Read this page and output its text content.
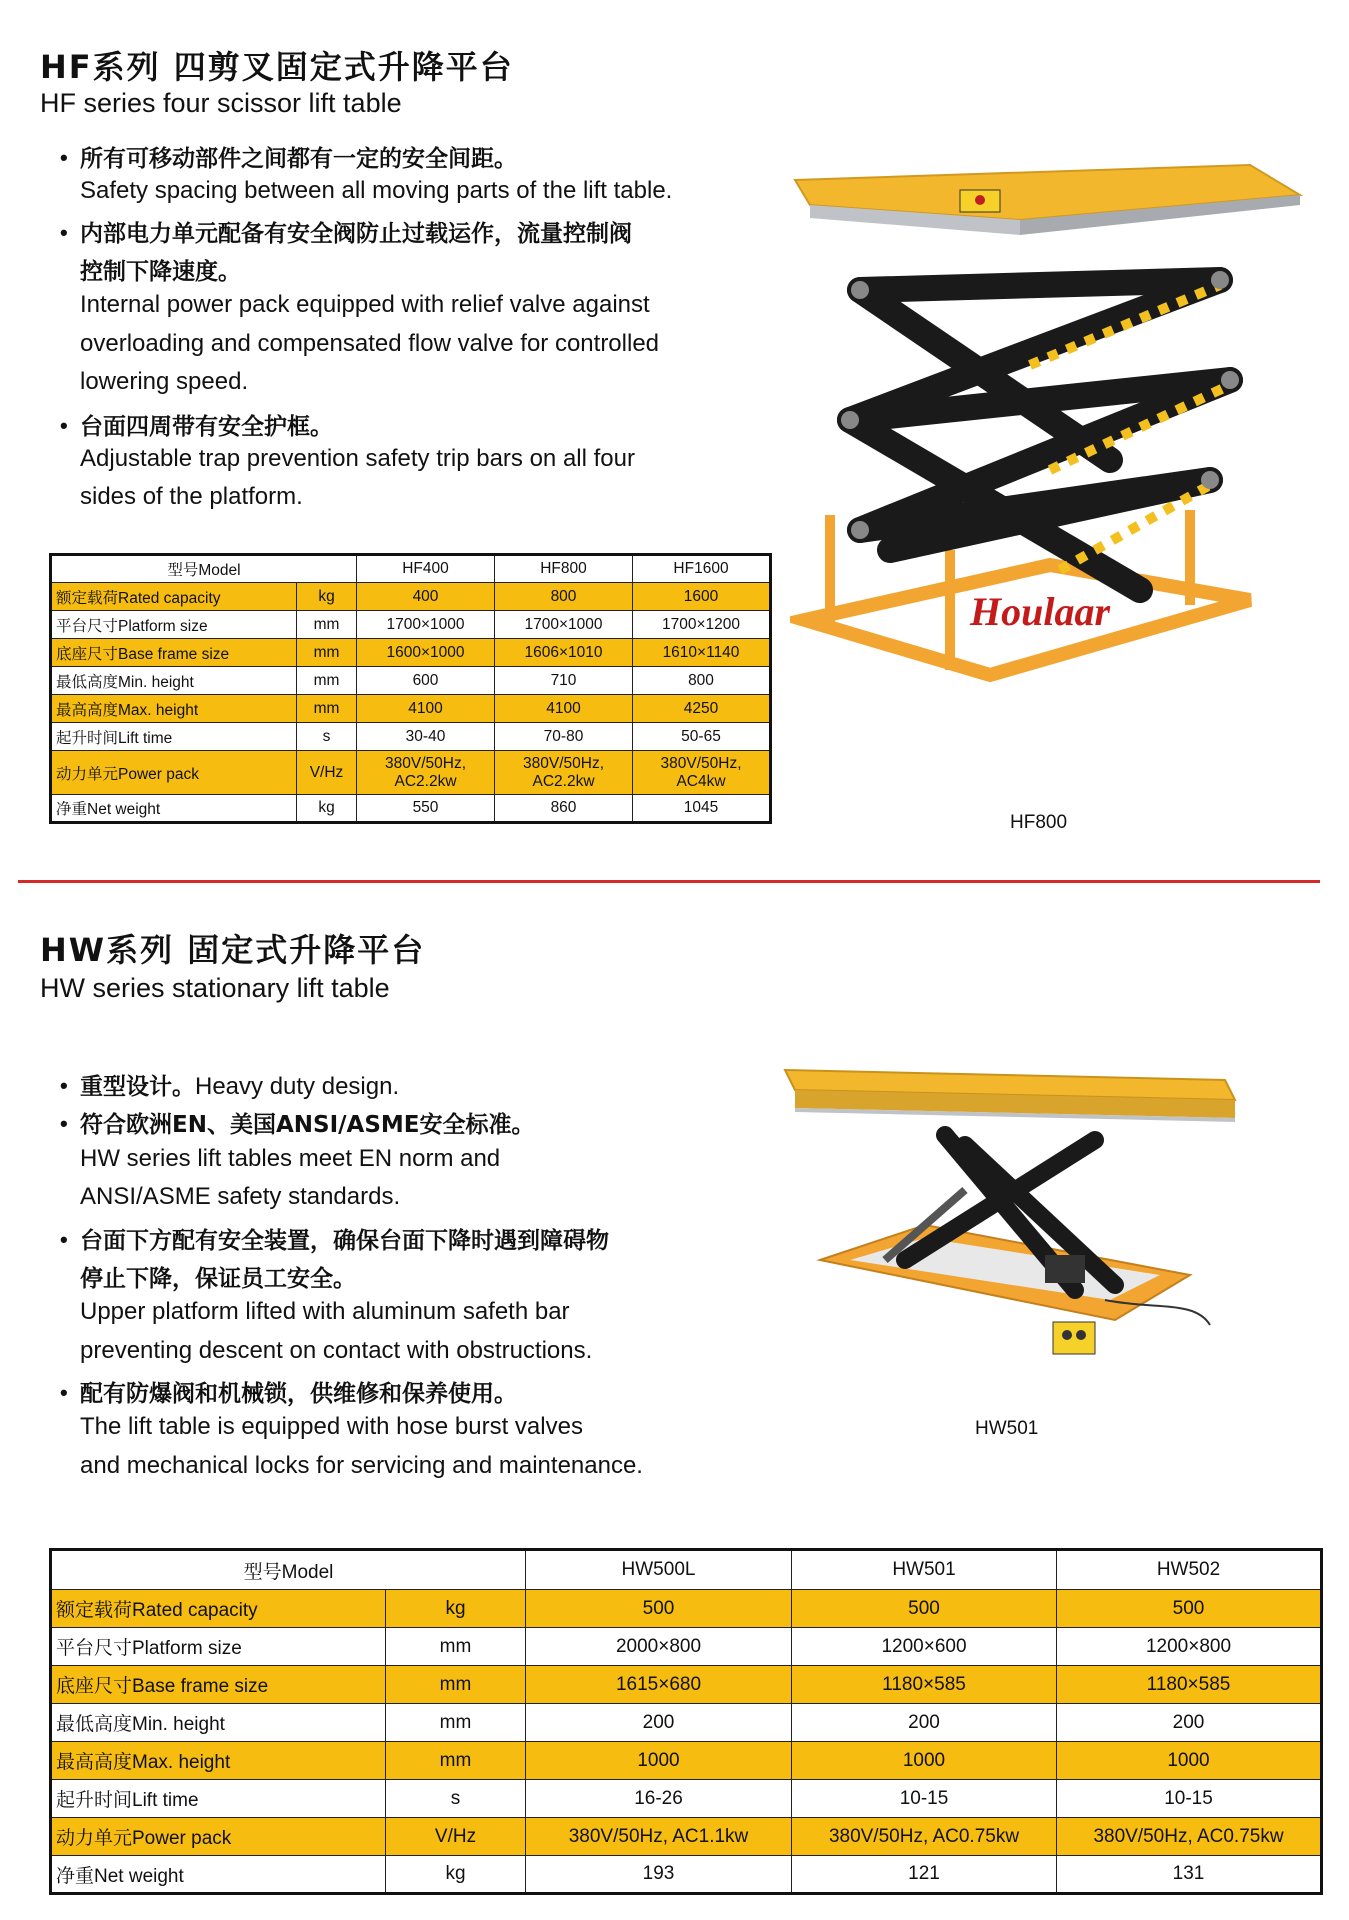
HF系列 四剪叉固定式升降平台
HF series four scissor lift table
• 所有可移动部件之间都有一定的安全间距。
Safety spacing between all moving parts of the lift table.
• 内部电力单元配备有安全阀防止过载运作，流量控制阀
控制下降速度。
Internal power pack equipped with relief valve against
overloading and compensated flow valve for controlled
lowering speed.
• 台面四周带有安全护框。
Adjustable trap prevention safety trip bars on all four
sides of the platform.
Houlaar
HF800
型号Model		HF400	HF800	HF1600
额定载荷Rated capacity	kg	400	800	1600
平台尺寸Platform size	mm	1700×1000	1700×1000	1700×1200
底座尺寸Base frame size	mm	1600×1000	1606×1010	1610×1140
最低高度Min. height	mm	600	710	800
最高高度Max. height	mm	4100	4100	4250
起升时间Lift time	s	30-40	70-80	50-65
动力单元Power pack	V/Hz	380V/50Hz, AC2.2kw	380V/50Hz, AC2.2kw	380V/50Hz, AC4kw
净重Net weight	kg	550	860	1045
HW系列 固定式升降平台
HW series stationary lift table
• 重型设计。Heavy duty design.
• 符合欧洲EN、美国ANSI/ASME安全标准。
HW series lift tables meet EN norm and
ANSI/ASME safety standards.
• 台面下方配有安全装置，确保台面下降时遇到障碍物
停止下降，保证员工安全。
Upper platform lifted with aluminum safeth bar
preventing descent on contact with obstructions.
• 配有防爆阀和机械锁，供维修和保养使用。
The lift table is equipped with hose burst valves
and mechanical locks for servicing and maintenance.
HW501
型号Model		HW500L	HW501	HW502
额定载荷Rated capacity	kg	500	500	500
平台尺寸Platform size	mm	2000×800	1200×600	1200×800
底座尺寸Base frame size	mm	1615×680	1180×585	1180×585
最低高度Min. height	mm	200	200	200
最高高度Max. height	mm	1000	1000	1000
起升时间Lift time	s	16-26	10-15	10-15
动力单元Power pack	V/Hz	380V/50Hz, AC1.1kw	380V/50Hz, AC0.75kw	380V/50Hz, AC0.75kw
净重Net weight	kg	193	121	131
